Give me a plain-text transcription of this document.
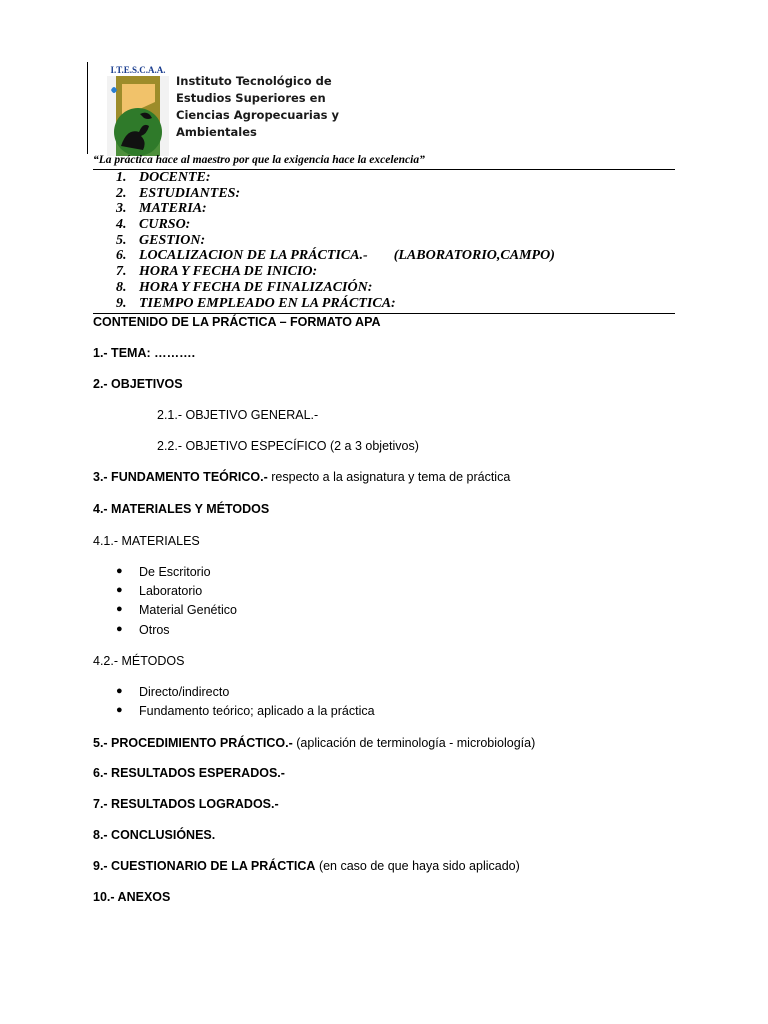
I.T.E.S.C.A.A.
Instituto Tecnológico de
Estudios Superiores en
Ciencias Agropecuarias y
Ambientales
“La práctica hace al maestro por que la exigencia hace la excelencia”
1. DOCENTE:
2. ESTUDIANTES:
3. MATERIA:
4. CURSO:
5. GESTION:
6. LOCALIZACION DE LA PRÁCTICA.- (LABORATORIO,CAMPO)
7. HORA Y FECHA DE INICIO:
8. HORA Y FECHA DE FINALIZACIÓN:
9. TIEMPO EMPLEADO EN LA PRÁCTICA:
CONTENIDO DE LA PRÁCTICA – FORMATO APA
1.- TEMA: ……….
2.- OBJETIVOS
2.1.- OBJETIVO GENERAL.-
2.2.- OBJETIVO ESPECÍFICO (2 a 3 objetivos)
3.- FUNDAMENTO TEÓRICO.- respecto a la asignatura y tema de práctica
4.- MATERIALES Y MÉTODOS
4.1.- MATERIALES
● De Escritorio
● Laboratorio
● Material Genético
● Otros
4.2.- MÉTODOS
● Directo/indirecto
● Fundamento teórico; aplicado a la práctica
5.- PROCEDIMIENTO PRÁCTICO.- (aplicación de terminología - microbiología)
6.- RESULTADOS ESPERADOS.-
7.- RESULTADOS LOGRADOS.-
8.- CONCLUSIÓNES.
9.- CUESTIONARIO DE LA PRÁCTICA (en caso de que haya sido aplicado)
10.- ANEXOS
